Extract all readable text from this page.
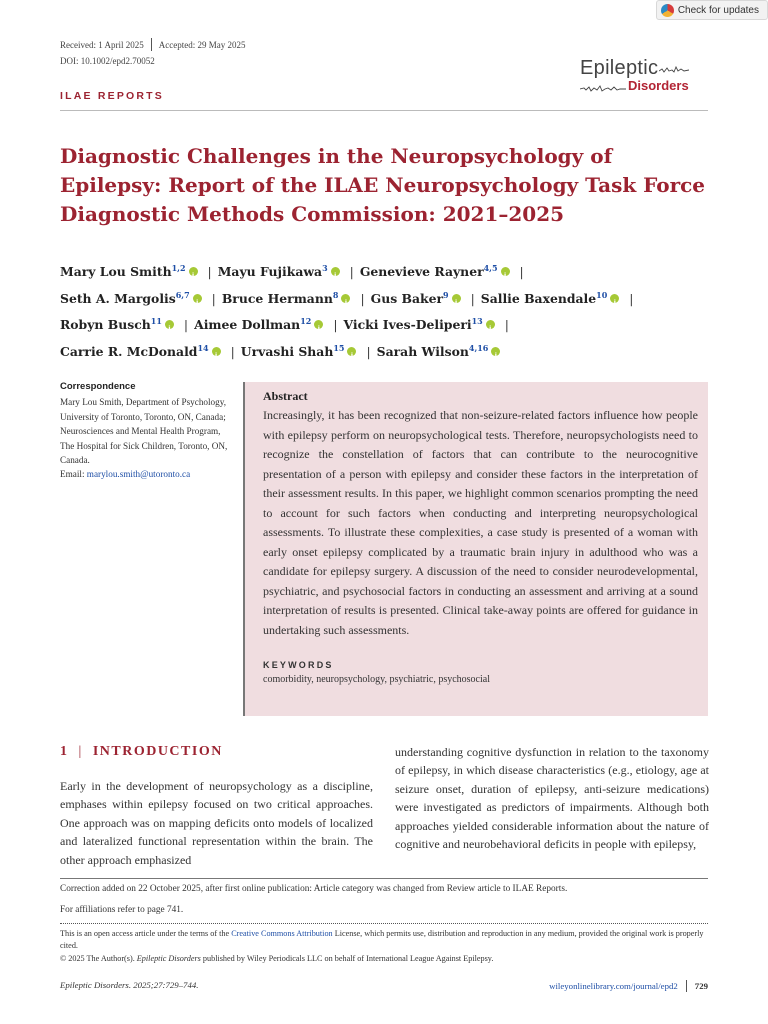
Check for updates
Received: 1 April 2025 Accepted: 29 May 2025
DOI: 10.1002/epd2.70052	Epileptic
Disorders
ILAE REPORTS
Diagnostic Challenges in the Neuropsychology of Epilepsy: Report of the ILAE Neuropsychology Task Force Diagnostic Methods Commission: 2021–2025
Mary Lou Smith$^{1,2}$ i | Mayu Fujikawa$^3$ i | Genevieve Rayner$^{4,5}$ i |
Seth A. Margolis$^{6,7}$ i | Bruce Hermann$^8$ i | Gus Baker$^9$ i | Sallie Baxendale$^{10}$ i |
Robyn Busch$^{11}$ i | Aimee Dollman$^{12}$ i | Vicki Ives-Deliperi$^{13}$ i |
Carrie R. McDonald$^{14}$ i | Urvashi Shah$^{15}$ i | Sarah Wilson$^{4,16}$i
Correspondence
Mary Lou Smith, Department of Psychology, University of Toronto, Toronto, ON, Canada; Neurosciences and Mental Health Program, The Hospital for Sick Children, Toronto, ON, Canada.
Email: marylou.smith@utoronto.ca
Abstract

Increasingly, it has been recognized that non-seizure-related factors influence how people with epilepsy perform on neuropsychological tests. Therefore, neuropsychologists need to recognize the constellation of factors that can contribute to the neurocognitive presentation of a person with epilepsy and consider these factors in the interpretation of their assessment results. In this paper, we highlight common scenarios prompting the need to account for such factors when conducting and interpreting neuropsychological assessments. To illustrate these complexities, a case study is presented of a woman with early onset epilepsy complicated by a traumatic brain injury in adulthood who was a candidate for epilepsy surgery. A discussion of the need to consider neurodevelopmental, psychiatric, and psychosocial factors in conducting an assessment and arriving at a sound interpretation of results is presented. Clinical take-away points are offered for guidance in undertaking such assessments.

KEYWORDS
comorbidity, neuropsychology, psychiatric, psychosocial
1 | INTRODUCTION

Early in the development of neuropsychology as a discipline, emphases within epilepsy focused on two critical approaches. One approach was on mapping deficits onto models of localized and lateralized functional representation within the brain. The other approach emphasized

understanding cognitive dysfunction in relation to the taxonomy of epilepsy, in which disease characteristics (e.g., etiology, age at seizure onset, duration of epilepsy, anti-seizure medications) were investigated as predictors of impairments. Although both approaches yielded considerable information about the nature of cognitive and neurobehavioral deficits in people with epilepsy,

Correction added on 22 October 2025, after first online publication: Article category was changed from Review article to ILAE Reports.
For affiliations refer to page 741.
This is an open access article under the terms of the Creative Commons Attribution License, which permits use, distribution and reproduction in any medium, provided the original work is properly cited.
© 2025 The Author(s). Epileptic Disorders published by Wiley Periodicals LLC on behalf of International League Against Epilepsy.
Epileptic Disorders. 2025;27:729–744.	wileyonlinelibrary.com/journal/epd2 729
